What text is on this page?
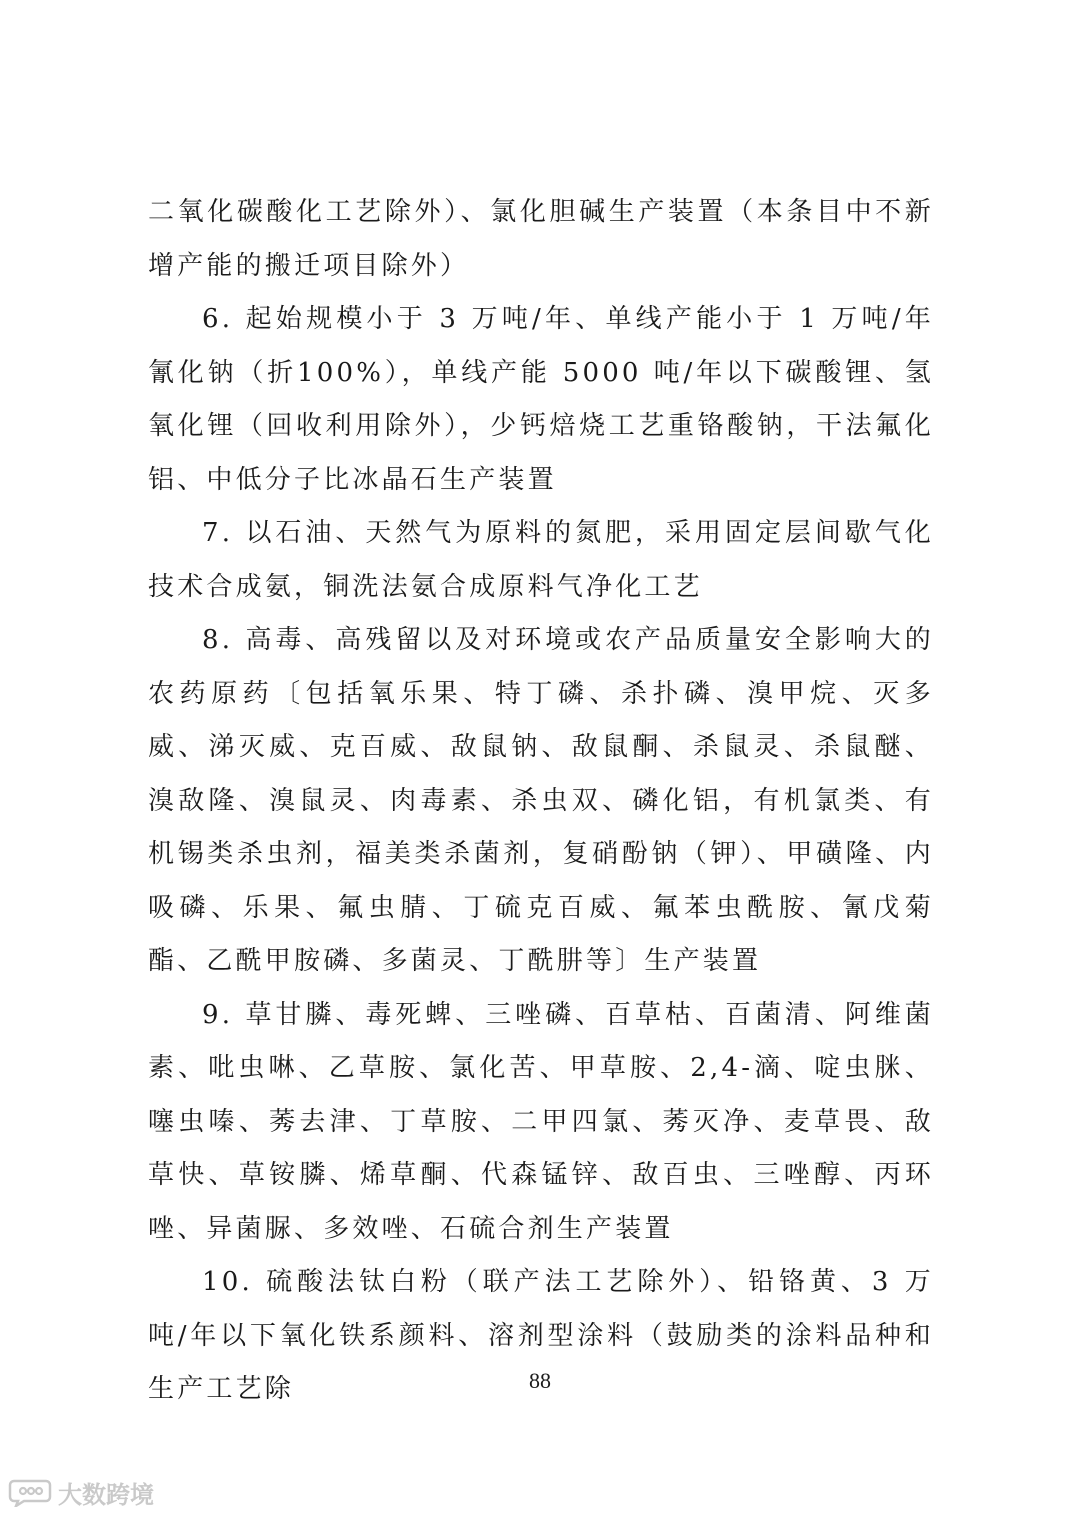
二氧化碳酸化工艺除外）、氯化胆碱生产装置（本条目中不新增产能的搬迁项目除外）

6. 起始规模小于 3 万吨/年、单线产能小于 1 万吨/年氰化钠（折100%），单线产能 5000 吨/年以下碳酸锂、氢氧化锂（回收利用除外），少钙焙烧工艺重铬酸钠，干法氟化铝、中低分子比冰晶石生产装置

7. 以石油、天然气为原料的氮肥，采用固定层间歇气化技术合成氨，铜洗法氨合成原料气净化工艺

8. 高毒、高残留以及对环境或农产品质量安全影响大的农药原药〔包括氧乐果、特丁磷、杀扑磷、溴甲烷、灭多威、涕灭威、克百威、敌鼠钠、敌鼠酮、杀鼠灵、杀鼠醚、溴敌隆、溴鼠灵、肉毒素、杀虫双、磷化铝，有机氯类、有机锡类杀虫剂，福美类杀菌剂，复硝酚钠（钾）、甲磺隆、内吸磷、乐果、氟虫腈、丁硫克百威、氟苯虫酰胺、氰戊菊酯、乙酰甲胺磷、多菌灵、丁酰肼等〕生产装置

9. 草甘膦、毒死蜱、三唑磷、百草枯、百菌清、阿维菌素、吡虫啉、乙草胺、氯化苦、甲草胺、2,4-滴、啶虫脒、噻虫嗪、莠去津、丁草胺、二甲四氯、莠灭净、麦草畏、敌草快、草铵膦、烯草酮、代森锰锌、敌百虫、三唑醇、丙环唑、异菌脲、多效唑、石硫合剂生产装置

10. 硫酸法钛白粉（联产法工艺除外）、铅铬黄、3 万吨/年以下氧化铁系颜料、溶剂型涂料（鼓励类的涂料品种和生产工艺除	88
大数跨境
